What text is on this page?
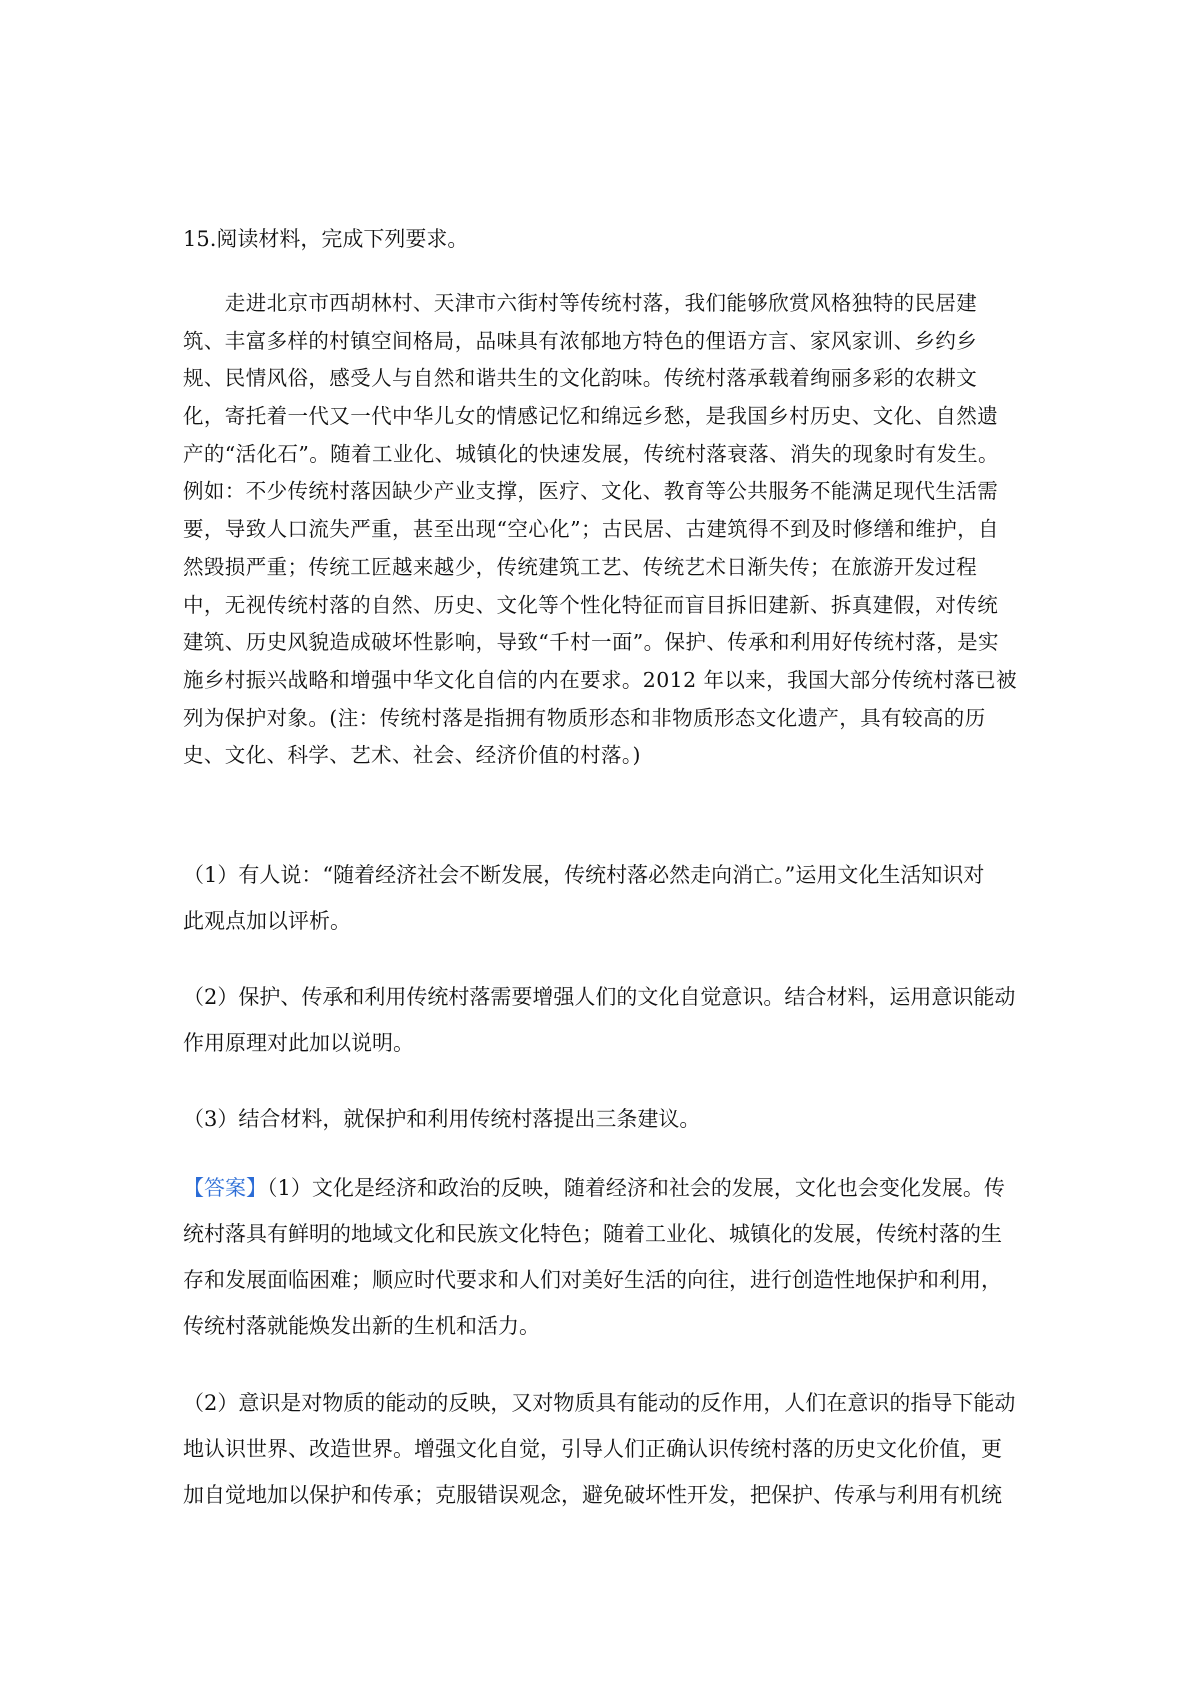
15.阅读材料，完成下列要求。
　　走进北京市西胡林村、天津市六街村等传统村落，我们能够欣赏风格独特的民居建
筑、丰富多样的村镇空间格局，品味具有浓郁地方特色的俚语方言、家风家训、乡约乡
规、民情风俗，感受人与自然和谐共生的文化韵味。传统村落承载着绚丽多彩的农耕文
化，寄托着一代又一代中华儿女的情感记忆和绵远乡愁，是我国乡村历史、文化、自然遗
产的“活化石”。随着工业化、城镇化的快速发展，传统村落衰落、消失的现象时有发生。
例如：不少传统村落因缺少产业支撑，医疗、文化、教育等公共服务不能满足现代生活需
要，导致人口流失严重，甚至出现“空心化”；古民居、古建筑得不到及时修缮和维护，自
然毁损严重；传统工匠越来越少，传统建筑工艺、传统艺术日渐失传；在旅游开发过程
中，无视传统村落的自然、历史、文化等个性化特征而盲目拆旧建新、拆真建假，对传统
建筑、历史风貌造成破坏性影响，导致“千村一面”。保护、传承和利用好传统村落，是实
施乡村振兴战略和增强中华文化自信的内在要求。2012 年以来，我国大部分传统村落已被
列为保护对象。(注：传统村落是指拥有物质形态和非物质形态文化遗产，具有较高的历
史、文化、科学、艺术、社会、经济价值的村落。)
（1）有人说：“随着经济社会不断发展，传统村落必然走向消亡。”运用文化生活知识对
此观点加以评析。
（2）保护、传承和利用传统村落需要增强人们的文化自觉意识。结合材料，运用意识能动
作用原理对此加以说明。
（3）结合材料，就保护和利用传统村落提出三条建议。
【答案】（1）文化是经济和政治的反映，随着经济和社会的发展，文化也会变化发展。传
统村落具有鲜明的地域文化和民族文化特色；随着工业化、城镇化的发展，传统村落的生
存和发展面临困难；顺应时代要求和人们对美好生活的向往，进行创造性地保护和利用，
传统村落就能焕发出新的生机和活力。
（2）意识是对物质的能动的反映，又对物质具有能动的反作用，人们在意识的指导下能动
地认识世界、改造世界。增强文化自觉，引导人们正确认识传统村落的历史文化价值，更
加自觉地加以保护和传承；克服错误观念，避免破坏性开发，把保护、传承与利用有机统
